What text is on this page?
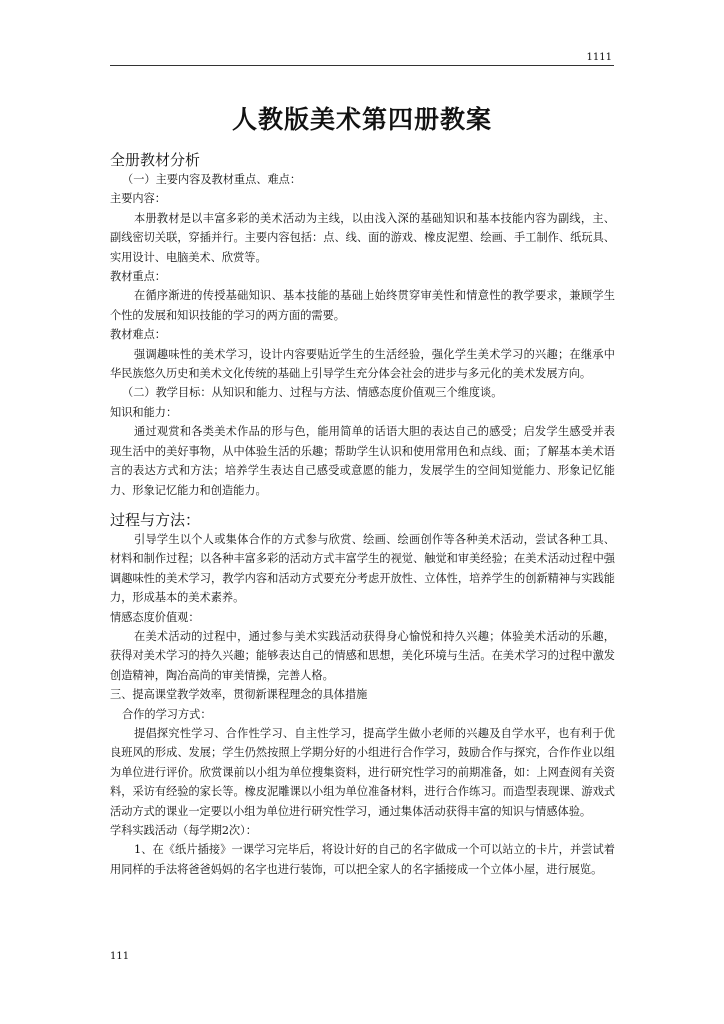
1111
人教版美术第四册教案

全册教材分析

（一）主要内容及教材重点、难点：

主要内容：

本册教材是以丰富多彩的美术活动为主线，以由浅入深的基础知识和基本技能内容为副线，主、副线密切关联，穿插并行。主要内容包括：点、线、面的游戏、橡皮泥塑、绘画、手工制作、纸玩具、实用设计、电脑美术、欣赏等。

教材重点：

在循序渐进的传授基础知识、基本技能的基础上始终贯穿审美性和情意性的教学要求，兼顾学生个性的发展和知识技能的学习的两方面的需要。

教材难点：

强调趣味性的美术学习，设计内容要贴近学生的生活经验，强化学生美术学习的兴趣；在继承中华民族悠久历史和美术文化传统的基础上引导学生充分体会社会的进步与多元化的美术发展方向。

（二）教学目标：从知识和能力、过程与方法、情感态度价值观三个维度谈。

知识和能力：

通过观赏和各类美术作品的形与色，能用简单的话语大胆的表达自己的感受；启发学生感受并表现生活中的美好事物，从中体验生活的乐趣；帮助学生认识和使用常用色和点线、面；了解基本美术语言的表达方式和方法；培养学生表达自己感受或意愿的能力，发展学生的空间知觉能力、形象记忆能力、形象记忆能力和创造能力。

过程与方法：

引导学生以个人或集体合作的方式参与欣赏、绘画、绘画创作等各种美术活动，尝试各种工具、材料和制作过程；以各种丰富多彩的活动方式丰富学生的视觉、触觉和审美经验；在美术活动过程中强调趣味性的美术学习，教学内容和活动方式要充分考虑开放性、立体性，培养学生的创新精神与实践能力，形成基本的美术素养。

情感态度价值观：

在美术活动的过程中，通过参与美术实践活动获得身心愉悦和持久兴趣；体验美术活动的乐趣，获得对美术学习的持久兴趣；能够表达自己的情感和思想，美化环境与生活。在美术学习的过程中激发创造精神，陶冶高尚的审美情操，完善人格。

三、提高课堂教学效率，贯彻新课程理念的具体措施

合作的学习方式：

提倡探究性学习、合作性学习、自主性学习，提高学生做小老师的兴趣及自学水平，也有利于优良班风的形成、发展；学生仍然按照上学期分好的小组进行合作学习，鼓励合作与探究，合作作业以组为单位进行评价。欣赏课前以小组为单位搜集资料，进行研究性学习的前期准备，如：上网查阅有关资料，采访有经验的家长等。橡皮泥雕课以小组为单位准备材料，进行合作练习。而造型表现课、游戏式活动方式的课业一定要以小组为单位进行研究性学习，通过集体活动获得丰富的知识与情感体验。

学科实践活动（每学期2次）：

1、在《纸片插接》一课学习完毕后，将设计好的自己的名字做成一个可以站立的卡片，并尝试着用同样的手法将爸爸妈妈的名字也进行装饰，可以把全家人的名字插接成一个立体小屋，进行展览。

111
